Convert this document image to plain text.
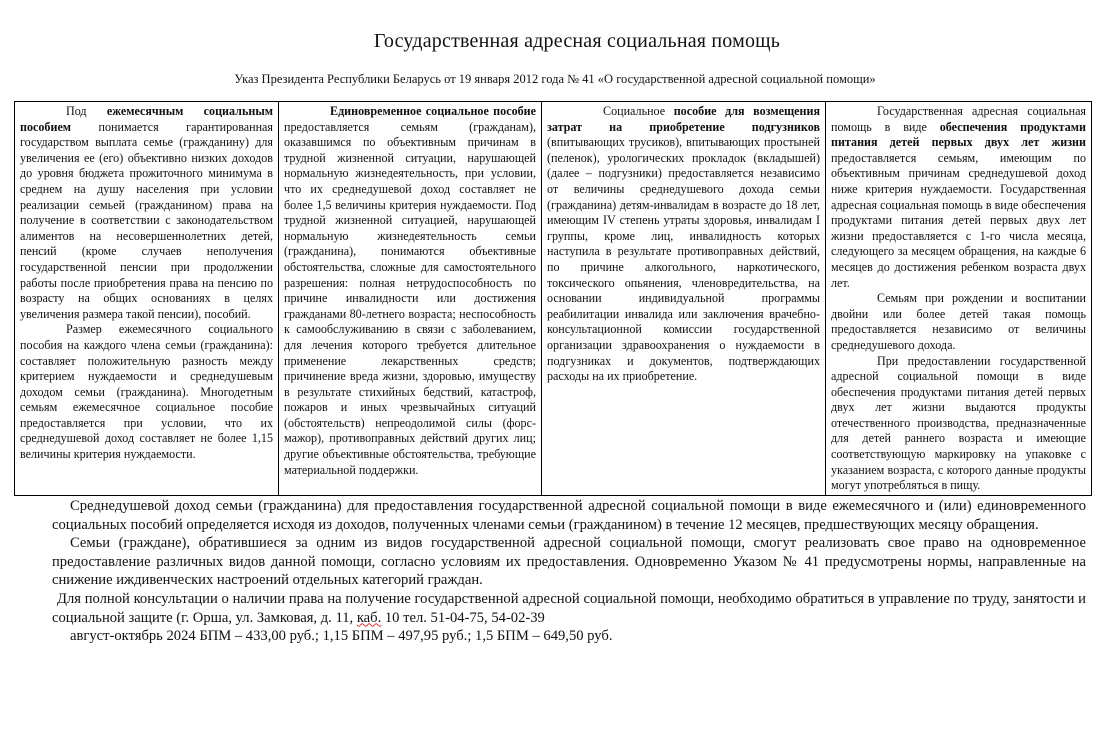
Государственная адресная социальная помощь
Указ Президента Республики Беларусь от 19 января 2012 года № 41 «О государственной адресной социальной помощи»

Под ежемесячным социальным пособием понимается гарантированная государством выплата семье (гражданину) для увеличения ее (его) объективно низких доходов до уровня бюджета прожиточного минимума в среднем на душу населения при условии реализации семьей (гражданином) права на получение в соответствии с законодательством алиментов на несовершеннолетних детей, пенсий (кроме случаев неполучения государственной пенсии при продолжении работы после приобретения права на пенсию по возрасту на общих основаниях в целях увеличения размера такой пенсии), пособий.

Размер ежемесячного социального пособия на каждого члена семьи (гражданина): составляет положительную разность между критерием нуждаемости и среднедушевым доходом семьи (гражданина). Многодетным семьям ежемесячное социальное пособие предоставляется при условии, что их среднедушевой доход составляет не более 1,15 величины критерия нуждаемости.

Единовременное социальное пособие предоставляется семьям (гражданам), оказавшимся по объективным причинам в трудной жизненной ситуации, нарушающей нормальную жизнедеятельность, при условии, что их среднедушевой доход составляет не более 1,5 величины критерия нуждаемости. Под трудной жизненной ситуацией, нарушающей нормальную жизнедеятельность семьи (гражданина), понимаются объективные обстоятельства, сложные для самостоятельного разрешения: полная нетрудоспособность по причине инвалидности или достижения гражданами 80-летнего возраста; неспособность к самообслуживанию в связи с заболеванием, для лечения которого требуется длительное применение лекарственных средств; причинение вреда жизни, здоровью, имуществу в результате стихийных бедствий, катастроф, пожаров и иных чрезвычайных ситуаций (обстоятельств) непреодолимой силы (форс-мажор), противоправных действий других лиц; другие объективные обстоятельства, требующие материальной поддержки.

Социальное пособие для возмещения затрат на приобретение подгузников (впитывающих трусиков), впитывающих простыней (пеленок), урологических прокладок (вкладышей) (далее – подгузники) предоставляется независимо от величины среднедушевого дохода семьи (гражданина) детям-инвалидам в возрасте до 18 лет, имеющим IV степень утраты здоровья, инвалидам I группы, кроме лиц, инвалидность которых наступила в результате противоправных действий, по причине алкогольного, наркотического, токсического опьянения, членовредительства, на основании индивидуальной программы реабилитации инвалида или заключения врачебно-консультационной комиссии государственной организации здравоохранения о нуждаемости в подгузниках и документов, подтверждающих расходы на их приобретение.

Государственная адресная социальная помощь в виде обеспечения продуктами питания детей первых двух лет жизни предоставляется семьям, имеющим по объективным причинам среднедушевой доход ниже критерия нуждаемости. Государственная адресная социальная помощь в виде обеспечения продуктами питания детей первых двух лет жизни предоставляется с 1-го числа месяца, следующего за месяцем обращения, на каждые 6 месяцев до достижения ребенком возраста двух лет.

Семьям при рождении и воспитании двойни или более детей такая помощь предоставляется независимо от величины среднедушевого дохода.

При предоставлении государственной адресной социальной помощи в виде обеспечения продуктами питания детей первых двух лет жизни выдаются продукты отечественного производства, предназначенные для детей раннего возраста и имеющие соответствующую маркировку на упаковке с указанием возраста, с которого данные продукты могут употребляться в пищу.

Среднедушевой доход семьи (гражданина) для предоставления государственной адресной социальной помощи в виде ежемесячного и (или) единовременного социальных пособий определяется исходя из доходов, полученных членами семьи (гражданином) в течение 12 месяцев, предшествующих месяцу обращения.

Семьи (граждане), обратившиеся за одним из видов государственной адресной социальной помощи, смогут реализовать свое право на одновременное предоставление различных видов данной помощи, согласно условиям их предоставления. Одновременно Указом № 41 предусмотрены нормы, направленные на снижение иждивенческих настроений отдельных категорий граждан.

Для полной консультации о наличии права на получение государственной адресной социальной помощи, необходимо обратиться в управление по труду, занятости и социальной защите (г. Орша, ул. Замковая, д. 11, каб. 10 тел. 51-04-75, 54-02-39

август-октябрь 2024 БПМ – 433,00 руб.; 1,15 БПМ – 497,95 руб.; 1,5 БПМ – 649,50 руб.
